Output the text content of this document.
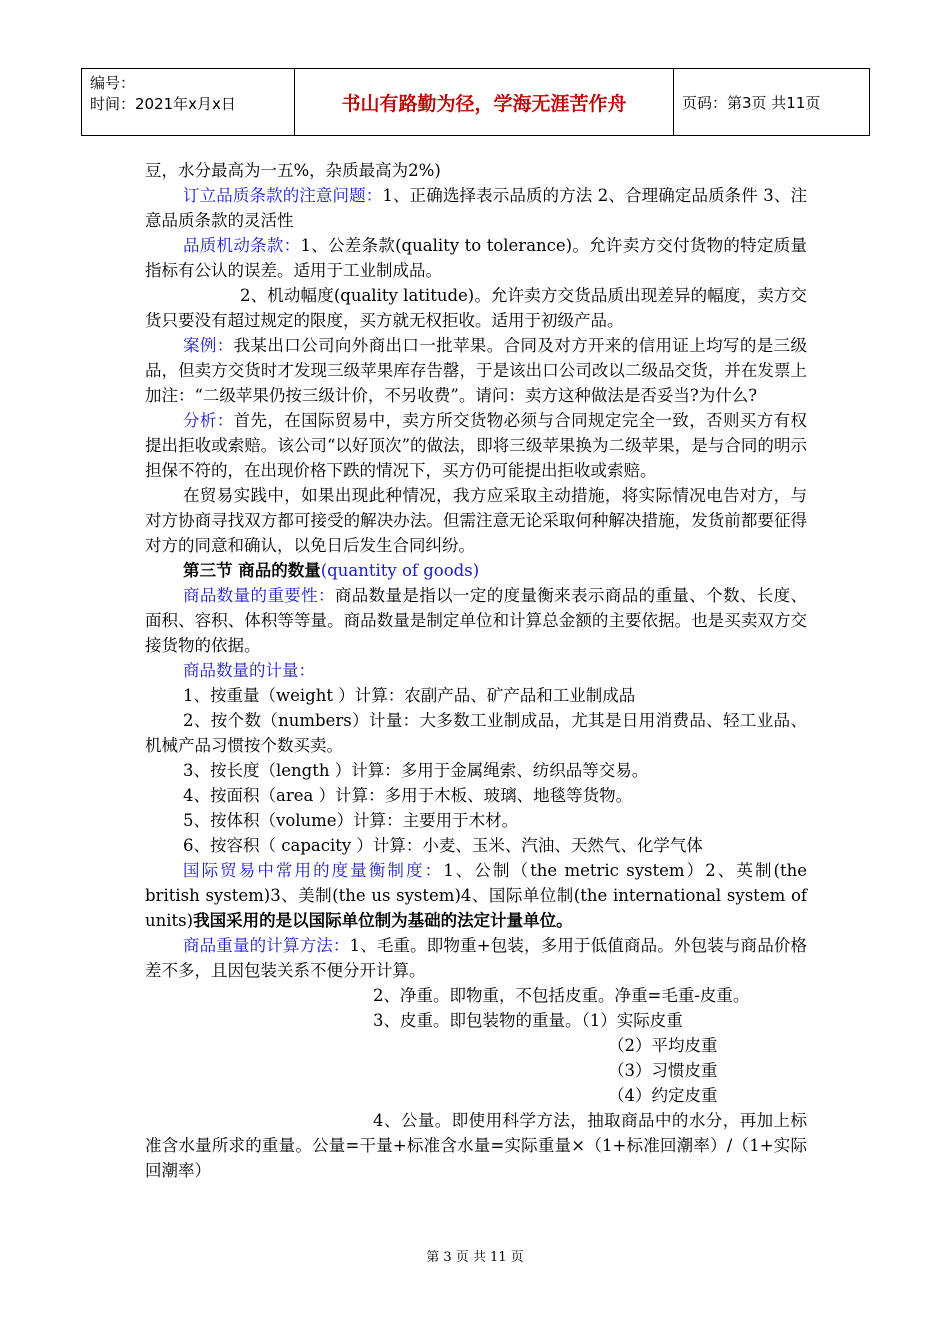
编号：
时间：2021年x月x日	书山有路勤为径，学海无涯苦作舟	页码：第3页 共11页

豆，水分最高为一五%，杂质最高为2%)

订立品质条款的注意问题：1、正确选择表示品质的方法 2、合理确定品质条件 3、注意品质条款的灵活性

品质机动条款：1、公差条款(quality to tolerance)。允许卖方交付货物的特定质量指标有公认的误差。适用于工业制成品。

2、机动幅度(quality latitude)。允许卖方交货品质出现差异的幅度，卖方交货只要没有超过规定的限度，买方就无权拒收。适用于初级产品。

案例：我某出口公司向外商出口一批苹果。合同及对方开来的信用证上均写的是三级品，但卖方交货时才发现三级苹果库存告罄，于是该出口公司改以二级品交货，并在发票上加注：“二级苹果仍按三级计价，不另收费”。请问：卖方这种做法是否妥当?为什么?

分析：首先，在国际贸易中，卖方所交货物必须与合同规定完全一致，否则买方有权提出拒收或索赔。该公司“以好顶次”的做法，即将三级苹果换为二级苹果，是与合同的明示担保不符的，在出现价格下跌的情况下，买方仍可能提出拒收或索赔。

在贸易实践中，如果出现此种情况，我方应采取主动措施，将实际情况电告对方，与对方协商寻找双方都可接受的解决办法。但需注意无论采取何种解决措施，发货前都要征得对方的同意和确认，以免日后发生合同纠纷。

第三节 商品的数量(quantity of goods)

商品数量的重要性：商品数量是指以一定的度量衡来表示商品的重量、个数、长度、面积、容积、体积等等量。商品数量是制定单位和计算总金额的主要依据。也是买卖双方交接货物的依据。

商品数量的计量：

1、按重量（weight ）计算：农副产品、矿产品和工业制成品

2、按个数（numbers）计量：大多数工业制成品，尤其是日用消费品、轻工业品、机械产品习惯按个数买卖。

3、按长度（length ）计算：多用于金属绳索、纺织品等交易。

4、按面积（area ）计算：多用于木板、玻璃、地毯等货物。

5、按体积（volume）计算：主要用于木材。

6、按容积（ capacity ）计算：小麦、玉米、汽油、天然气、化学气体

国际贸易中常用的度量衡制度：1、公制（the metric system）2、英制(the british system)3、美制(the us system)4、国际单位制(the international system of units)我国采用的是以国际单位制为基础的法定计量单位。

商品重量的计算方法：1、毛重。即物重+包装，多用于低值商品。外包装与商品价格差不多，且因包装关系不便分开计算。

2、净重。即物重，不包括皮重。净重=毛重-皮重。

3、皮重。即包装物的重量。（1）实际皮重

（2）平均皮重

（3）习惯皮重

（4）约定皮重

4、公量。即使用科学方法，抽取商品中的水分，再加上标准含水量所求的重量。公量=干量+标准含水量=实际重量×（1+标准回潮率）/（1+实际回潮率）

第 3 页 共 11 页
